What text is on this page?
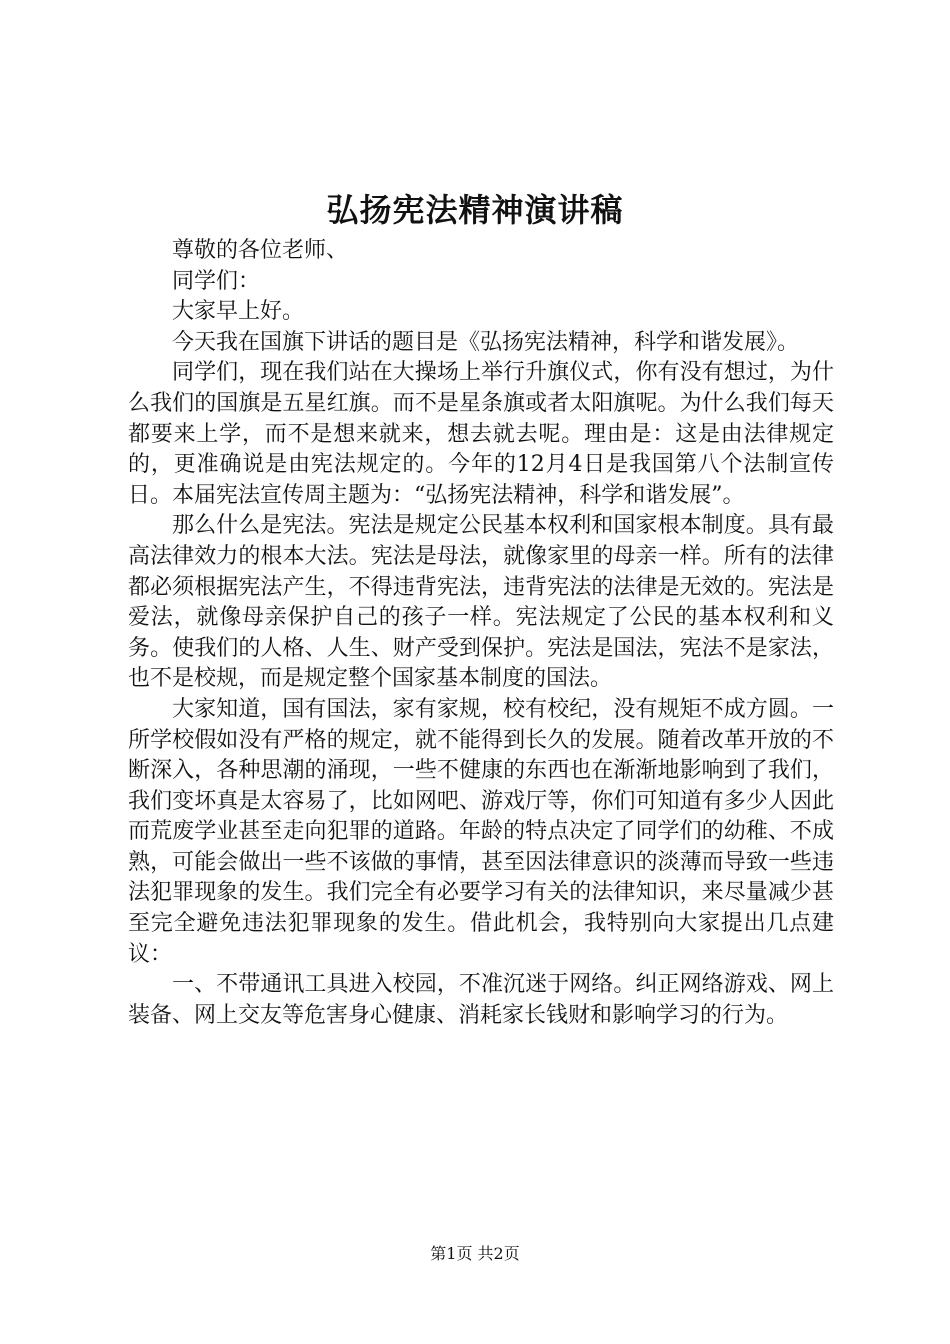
弘扬宪法精神演讲稿

尊敬的各位老师、

同学们：

大家早上好。

今天我在国旗下讲话的题目是《弘扬宪法精神，科学和谐发展》。

同学们，现在我们站在大操场上举行升旗仪式，你有没有想过，为什么我们的国旗是五星红旗。而不是星条旗或者太阳旗呢。为什么我们每天都要来上学，而不是想来就来，想去就去呢。理由是：这是由法律规定的，更准确说是由宪法规定的。今年的12月4日是我国第八个法制宣传日。本届宪法宣传周主题为：“弘扬宪法精神，科学和谐发展”。

那么什么是宪法。宪法是规定公民基本权利和国家根本制度。具有最高法律效力的根本大法。宪法是母法，就像家里的母亲一样。所有的法律都必须根据宪法产生，不得违背宪法，违背宪法的法律是无效的。宪法是爱法，就像母亲保护自己的孩子一样。宪法规定了公民的基本权利和义务。使我们的人格、人生、财产受到保护。宪法是国法，宪法不是家法，也不是校规，而是规定整个国家基本制度的国法。

大家知道，国有国法，家有家规，校有校纪，没有规矩不成方圆。一所学校假如没有严格的规定，就不能得到长久的发展。随着改革开放的不断深入，各种思潮的涌现，一些不健康的东西也在渐渐地影响到了我们，我们变坏真是太容易了，比如网吧、游戏厅等，你们可知道有多少人因此而荒废学业甚至走向犯罪的道路。年龄的特点决定了同学们的幼稚、不成熟，可能会做出一些不该做的事情，甚至因法律意识的淡薄而导致一些违法犯罪现象的发生。我们完全有必要学习有关的法律知识，来尽量减少甚至完全避免违法犯罪现象的发生。借此机会，我特别向大家提出几点建议：

一、不带通讯工具进入校园，不准沉迷于网络。纠正网络游戏、网上装备、网上交友等危害身心健康、消耗家长钱财和影响学习的行为。

第1页 共2页
